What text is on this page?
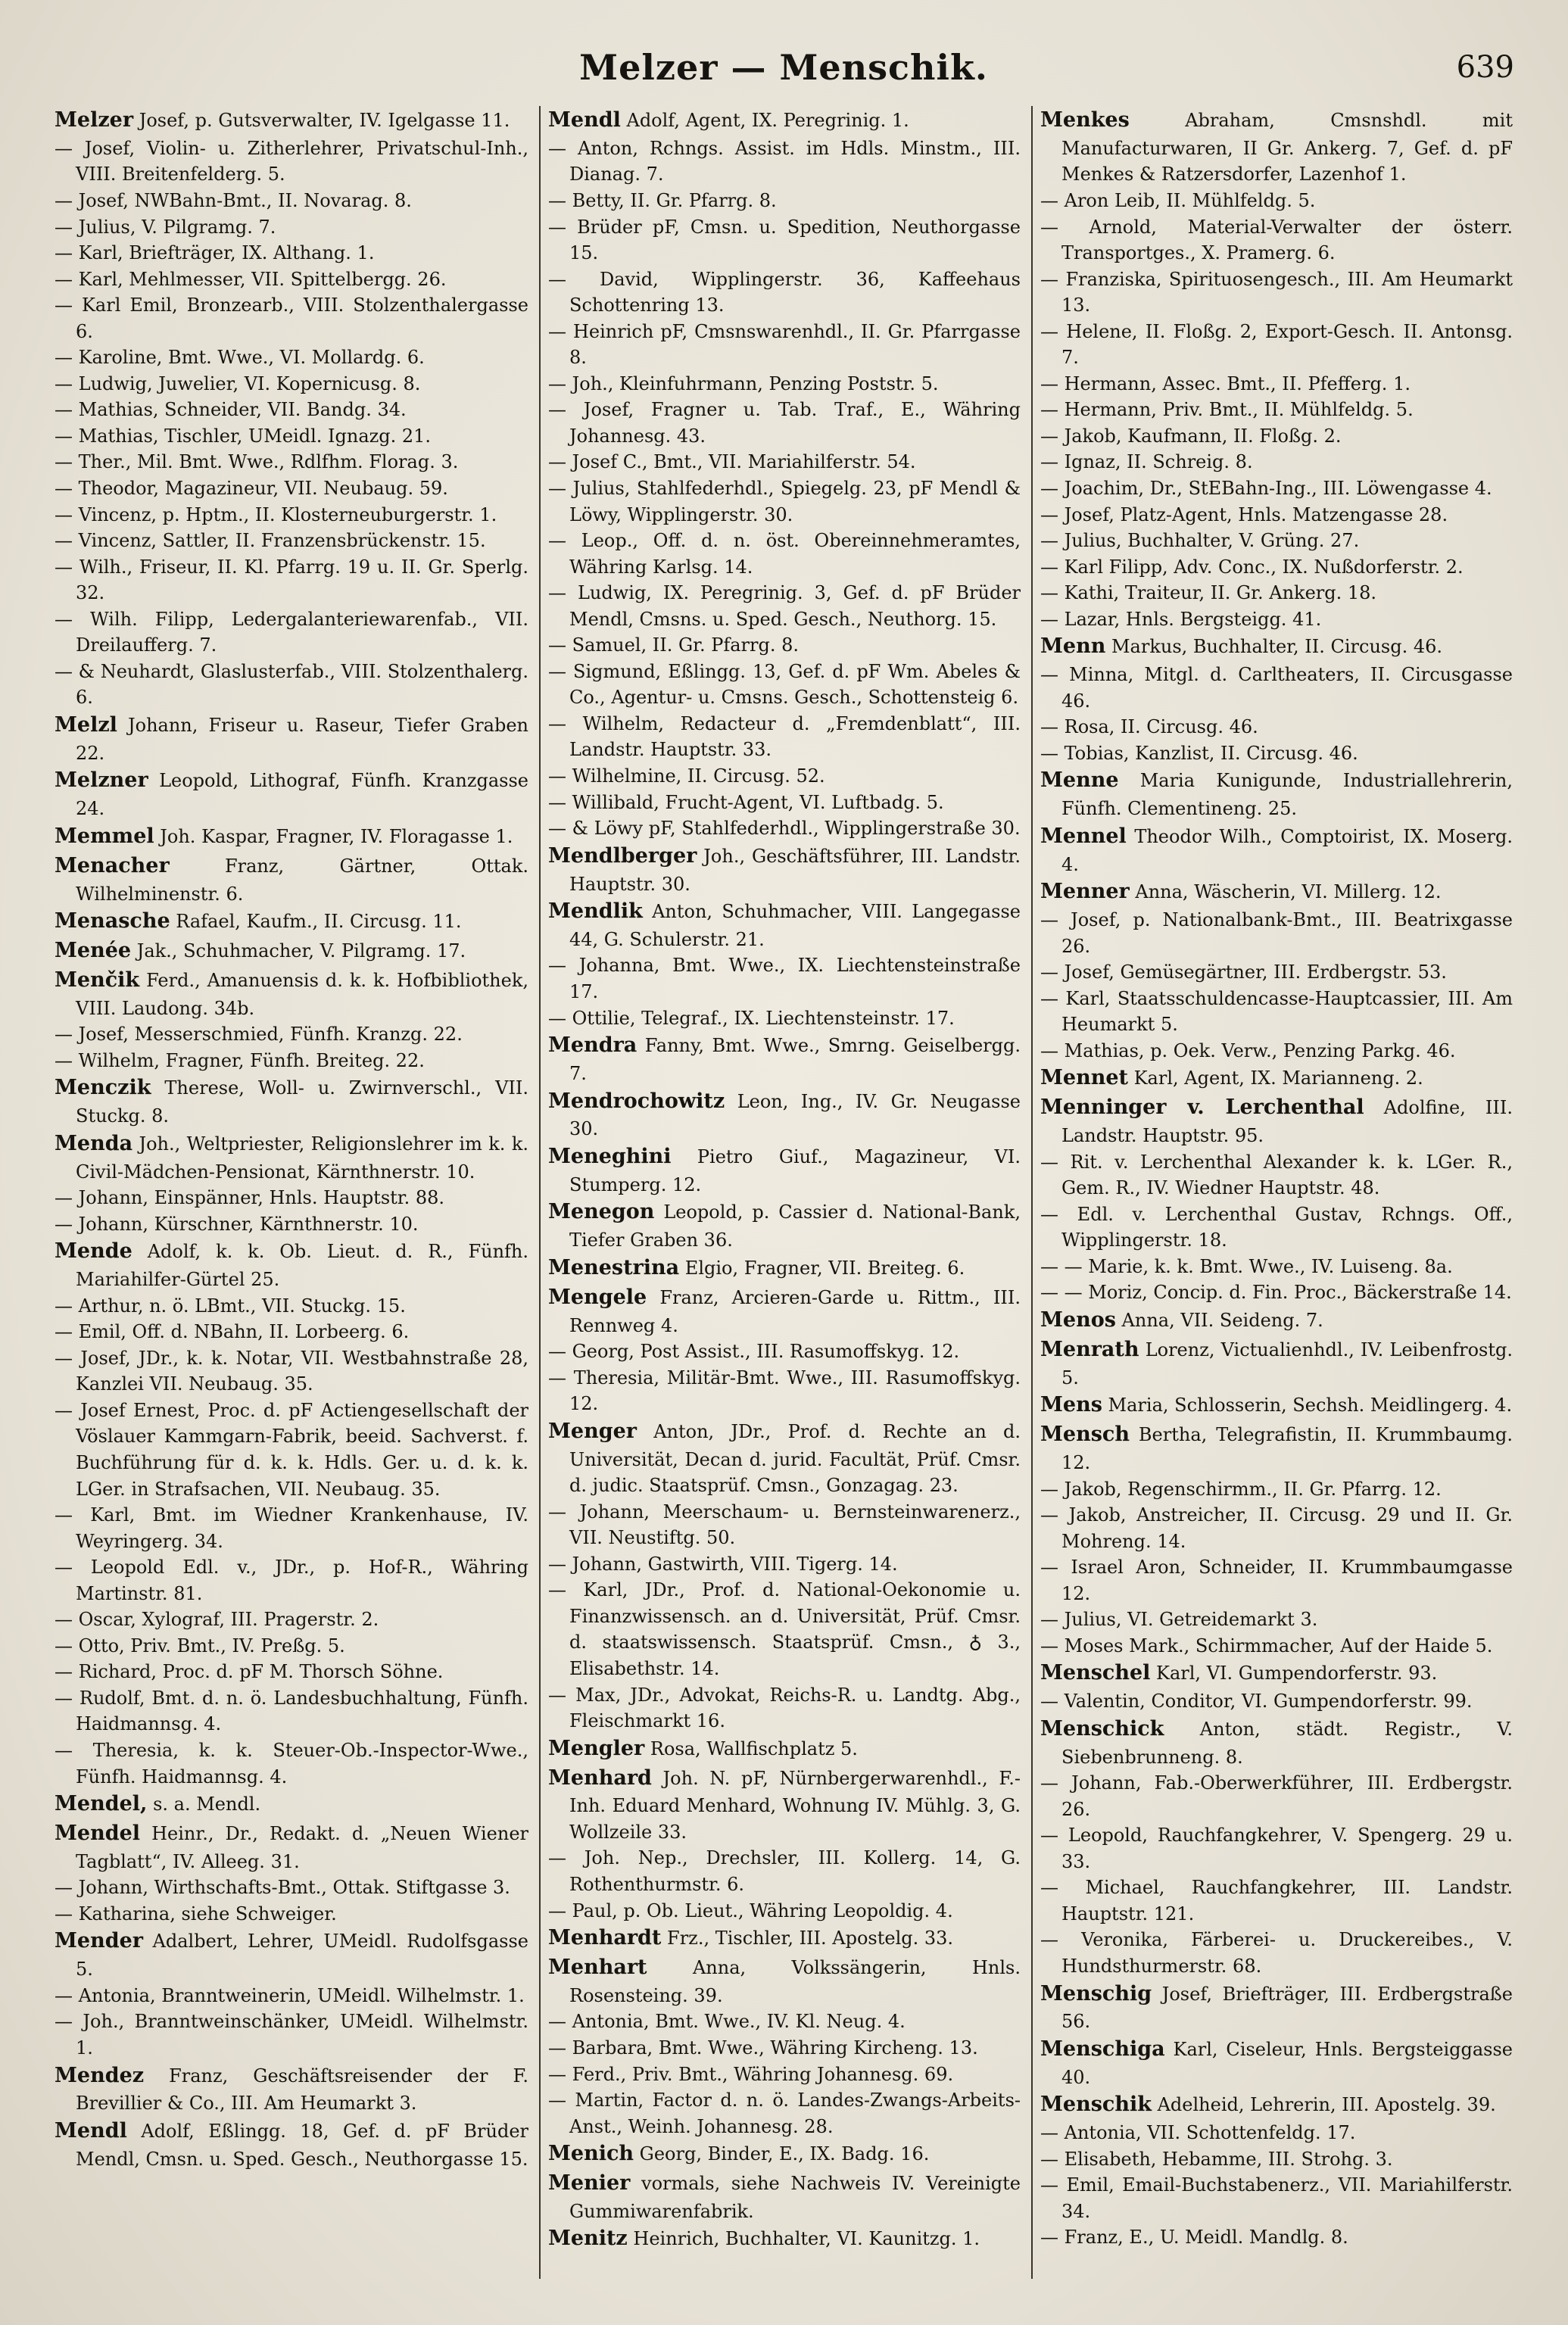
Melzer — Menschik.	639

Melzer Josef, p. Gutsverwalter, IV. Igelgasse 11.

— Josef, Violin- u. Zitherlehrer, Privatschul-Inh., VIII. Breitenfelderg. 5.

— Josef, NWBahn-Bmt., II. Novarag. 8.

— Julius, V. Pilgramg. 7.

— Karl, Briefträger, IX. Althang. 1.

— Karl, Mehlmesser, VII. Spittelbergg. 26.

— Karl Emil, Bronzearb., VIII. Stolzenthalergasse 6.

— Karoline, Bmt. Wwe., VI. Mollardg. 6.

— Ludwig, Juwelier, VI. Kopernicusg. 8.

— Mathias, Schneider, VII. Bandg. 34.

— Mathias, Tischler, UMeidl. Ignazg. 21.

— Ther., Mil. Bmt. Wwe., Rdlfhm. Florag. 3.

— Theodor, Magazineur, VII. Neubaug. 59.

— Vincenz, p. Hptm., II. Klosterneuburgerstr. 1.

— Vincenz, Sattler, II. Franzensbrückenstr. 15.

— Wilh., Friseur, II. Kl. Pfarrg. 19 u. II. Gr. Sperlg. 32.

— Wilh. Filipp, Ledergalanteriewarenfab., VII. Dreilaufferg. 7.

— & Neuhardt, Glaslusterfab., VIII. Stolzenthalerg. 6.

Melzl Johann, Friseur u. Raseur, Tiefer Graben 22.

Melzner Leopold, Lithograf, Fünfh. Kranzgasse 24.

Memmel Joh. Kaspar, Fragner, IV. Floragasse 1.

Menacher	Franz, Gärtner, Ottak. Wilhelminenstr. 6.

Menasche Rafael, Kaufm., II. Circusg. 11.

Menée Jak., Schuhmacher, V. Pilgramg. 17.

Menčik Ferd., Amanuensis d. k. k. Hofbibliothek, VIII. Laudong. 34b.

— Josef, Messerschmied, Fünfh. Kranzg. 22.

— Wilhelm, Fragner, Fünfh. Breiteg. 22.

Menczik Therese, Woll- u. Zwirnverschl., VII. Stuckg. 8.

Menda Joh., Weltpriester, Religionslehrer im k. k. Civil-Mädchen-Pensionat, Kärnthnerstr. 10.

— Johann, Einspänner, Hnls. Hauptstr. 88.

— Johann, Kürschner, Kärnthnerstr. 10.

Mende Adolf, k. k. Ob. Lieut. d. R., Fünfh. Mariahilfer-Gürtel 25.

— Arthur, n. ö. LBmt., VII. Stuckg. 15.

— Emil, Off. d. NBahn, II. Lorbeerg. 6.

— Josef, JDr., k. k. Notar, VII. Westbahnstraße 28, Kanzlei VII. Neubaug. 35.

— Josef Ernest, Proc. d. pF Actiengesellschaft der Vöslauer Kammgarn-Fabrik, beeid. Sachverst. f. Buchführung für d. k. k. Hdls. Ger. u. d. k. k. LGer. in Strafsachen, VII. Neubaug. 35.

— Karl, Bmt. im Wiedner Krankenhause, IV. Weyringerg. 34.

— Leopold Edl. v., JDr., p. Hof-R., Währing Martinstr. 81.

— Oscar, Xylograf, III. Pragerstr. 2.

— Otto, Priv. Bmt., IV. Preßg. 5.

— Richard, Proc. d. pF M. Thorsch Söhne.

— Rudolf, Bmt. d. n. ö. Landesbuchhaltung, Fünfh. Haidmannsg. 4.

— Theresia, k. k. Steuer-Ob.-Inspector-Wwe., Fünfh. Haidmannsg. 4.

Mendel, s. a. Mendl.

Mendel Heinr., Dr., Redakt. d. „Neuen Wiener Tagblatt“, IV. Alleeg. 31.

— Johann, Wirthschafts-Bmt., Ottak. Stiftgasse 3.

— Katharina, siehe Schweiger.

Mender Adalbert, Lehrer, UMeidl. Rudolfsgasse 5.

— Antonia, Branntweinerin, UMeidl. Wilhelmstr. 1.

— Joh., Branntweinschänker, UMeidl. Wilhelmstr. 1.

Mendez Franz, Geschäftsreisender der F. Brevillier & Co., III. Am Heumarkt 3.

Mendl Adolf, Eßlingg. 18, Gef. d. pF Brüder Mendl, Cmsn. u. Sped. Gesch., Neuthorgasse 15.

Mendl Adolf, Agent, IX. Peregrinig. 1.

— Anton, Rchngs. Assist. im Hdls. Minstm., III. Dianag. 7.

— Betty, II. Gr. Pfarrg. 8.

— Brüder pF, Cmsn. u. Spedition, Neuthorgasse 15.

— David, Wipplingerstr. 36, Kaffeehaus Schottenring 13.

— Heinrich pF, Cmsnswarenhdl., II. Gr. Pfarrgasse 8.

— Joh., Kleinfuhrmann, Penzing Poststr. 5.

— Josef, Fragner u. Tab. Traf., E., Währing Johannesg. 43.

— Josef C., Bmt., VII. Mariahilferstr. 54.

— Julius, Stahlfederhdl., Spiegelg. 23, pF Mendl & Löwy, Wipplingerstr. 30.

— Leop., Off. d. n. öst. Obereinnehmeramtes, Währing Karlsg. 14.

— Ludwig, IX. Peregrinig. 3, Gef. d. pF Brüder Mendl, Cmsns. u. Sped. Gesch., Neuthorg. 15.

— Samuel, II. Gr. Pfarrg. 8.

— Sigmund, Eßlingg. 13, Gef. d. pF Wm. Abeles & Co., Agentur- u. Cmsns. Gesch., Schottensteig 6.

— Wilhelm, Redacteur d. „Fremdenblatt“, III. Landstr. Hauptstr. 33.

— Wilhelmine, II. Circusg. 52.

— Willibald, Frucht-Agent, VI. Luftbadg. 5.

— & Löwy pF, Stahlfederhdl., Wipplingerstraße 30.

Mendlberger Joh., Geschäftsführer, III. Landstr. Hauptstr. 30.

Mendlik Anton, Schuhmacher, VIII. Langegasse 44, G. Schulerstr. 21.

— Johanna, Bmt. Wwe., IX. Liechtensteinstraße 17.

— Ottilie, Telegraf., IX. Liechtensteinstr. 17.

Mendra Fanny, Bmt. Wwe., Smrng. Geiselbergg. 7.

Mendrochowitz Leon, Ing., IV. Gr. Neugasse 30.

Meneghini Pietro Giuf., Magazineur, VI. Stumperg. 12.

Menegon Leopold, p. Cassier d. National-Bank, Tiefer Graben 36.

Menestrina Elgio, Fragner, VII. Breiteg. 6.

Mengele Franz, Arcieren-Garde u. Rittm., III. Rennweg 4.

— Georg, Post Assist., III. Rasumoffskyg. 12.

— Theresia, Militär-Bmt. Wwe., III. Rasumoffskyg. 12.

Menger Anton, JDr., Prof. d. Rechte an d. Universität, Decan d. jurid. Facultät, Prüf. Cmsr. d. judic. Staatsprüf. Cmsn., Gonzagag. 23.

— Johann, Meerschaum- u. Bernsteinwarenerz., VII. Neustiftg. 50.

— Johann, Gastwirth, VIII. Tigerg. 14.

— Karl, JDr., Prof. d. National-Oekonomie u. Finanzwissensch. an d. Universität, Prüf. Cmsr. d. staatswissensch. Staatsprüf. Cmsn., ♁ 3., Elisabethstr. 14.

— Max, JDr., Advokat, Reichs-R. u. Landtg. Abg., Fleischmarkt 16.

Mengler Rosa, Wallfischplatz 5.

Menhard Joh. N. pF, Nürnbergerwarenhdl., F.-Inh. Eduard Menhard, Wohnung IV. Mühlg. 3, G. Wollzeile 33.

— Joh. Nep., Drechsler, III. Kollerg. 14, G. Rothenthurmstr. 6.

— Paul, p. Ob. Lieut., Währing Leopoldig. 4.

Menhardt Frz., Tischler, III. Apostelg. 33.

Menhart	Anna, Volkssängerin, Hnls. Rosensteing. 39.

— Antonia, Bmt. Wwe., IV. Kl. Neug. 4.

— Barbara, Bmt. Wwe., Währing Kircheng. 13.

— Ferd., Priv. Bmt., Währing Johannesg. 69.

— Martin, Factor d. n. ö. Landes-Zwangs-Arbeits-Anst., Weinh. Johannesg. 28.

Menich Georg, Binder, E., IX. Badg. 16.

Menier vormals, siehe Nachweis IV. Vereinigte Gummiwarenfabrik.

Menitz Heinrich, Buchhalter, VI. Kaunitzg. 1.

Menkes	Abraham, Cmsnshdl. mit Manufacturwaren, II Gr. Ankerg. 7, Gef. d. pF Menkes & Ratzersdorfer, Lazenhof 1.

— Aron Leib, II. Mühlfeldg. 5.

— Arnold, Material-Verwalter der österr. Transportges., X. Pramerg. 6.

— Franziska, Spirituosengesch., III. Am Heumarkt 13.

— Helene, II. Floßg. 2, Export-Gesch. II. Antonsg. 7.

— Hermann, Assec. Bmt., II. Pfefferg. 1.

— Hermann, Priv. Bmt., II. Mühlfeldg. 5.

— Jakob, Kaufmann, II. Floßg. 2.

— Ignaz, II. Schreig. 8.

— Joachim, Dr., StEBahn-Ing., III. Löwengasse 4.

— Josef, Platz-Agent, Hnls. Matzengasse 28.

— Julius, Buchhalter, V. Grüng. 27.

— Karl Filipp, Adv. Conc., IX. Nußdorferstr. 2.

— Kathi, Traiteur, II. Gr. Ankerg. 18.

— Lazar, Hnls. Bergsteigg. 41.

Menn Markus, Buchhalter, II. Circusg. 46.

— Minna, Mitgl. d. Carltheaters, II. Circusgasse 46.

— Rosa, II. Circusg. 46.

— Tobias, Kanzlist, II. Circusg. 46.

Menne Maria Kunigunde, Industriallehrerin, Fünfh. Clementineng. 25.

Mennel Theodor Wilh., Comptoirist, IX. Moserg. 4.

Menner Anna, Wäscherin, VI. Millerg. 12.

— Josef, p. Nationalbank-Bmt., III. Beatrixgasse 26.

— Josef, Gemüsegärtner, III. Erdbergstr. 53.

— Karl, Staatsschuldencasse-Hauptcassier, III. Am Heumarkt 5.

— Mathias, p. Oek. Verw., Penzing Parkg. 46.

Mennet Karl, Agent, IX. Marianneng. 2.

Menninger v. Lerchenthal Adolfine, III. Landstr. Hauptstr. 95.

— Rit. v. Lerchenthal Alexander k. k. LGer. R., Gem. R., IV. Wiedner Hauptstr. 48.

— Edl. v. Lerchenthal Gustav, Rchngs. Off., Wipplingerstr. 18.

— — Marie, k. k. Bmt. Wwe., IV. Luiseng. 8a.

— — Moriz, Concip. d. Fin. Proc., Bäckerstraße 14.

Menos Anna, VII. Seideng. 7.

Menrath Lorenz, Victualienhdl., IV. Leibenfrostg. 5.

Mens Maria, Schlosserin, Sechsh. Meidlingerg. 4.

Mensch Bertha, Telegrafistin, II. Krummbaumg. 12.

— Jakob, Regenschirmm., II. Gr. Pfarrg. 12.

— Jakob, Anstreicher, II. Circusg. 29 und II. Gr. Mohreng. 14.

— Israel Aron, Schneider, II. Krummbaumgasse 12.

— Julius, VI. Getreidemarkt 3.

— Moses Mark., Schirmmacher, Auf der Haide 5.

Menschel Karl, VI. Gumpendorferstr. 93.

— Valentin, Conditor, VI. Gumpendorferstr. 99.

Menschick Anton, städt. Registr., V. Siebenbrunneng. 8.

— Johann, Fab.-Oberwerkführer, III. Erdbergstr. 26.

— Leopold, Rauchfangkehrer, V. Spengerg. 29 u. 33.

— Michael, Rauchfangkehrer, III. Landstr. Hauptstr. 121.

— Veronika, Färberei- u. Druckereibes., V. Hundsthurmerstr. 68.

Menschig Josef, Briefträger, III. Erdbergstraße 56.

Menschiga Karl, Ciseleur, Hnls. Bergsteiggasse 40.

Menschik Adelheid, Lehrerin, III. Apostelg. 39.

— Antonia, VII. Schottenfeldg. 17.

— Elisabeth, Hebamme, III. Strohg. 3.

— Emil, Email-Buchstabenerz., VII. Mariahilferstr. 34.

— Franz, E., U. Meidl. Mandlg. 8.
